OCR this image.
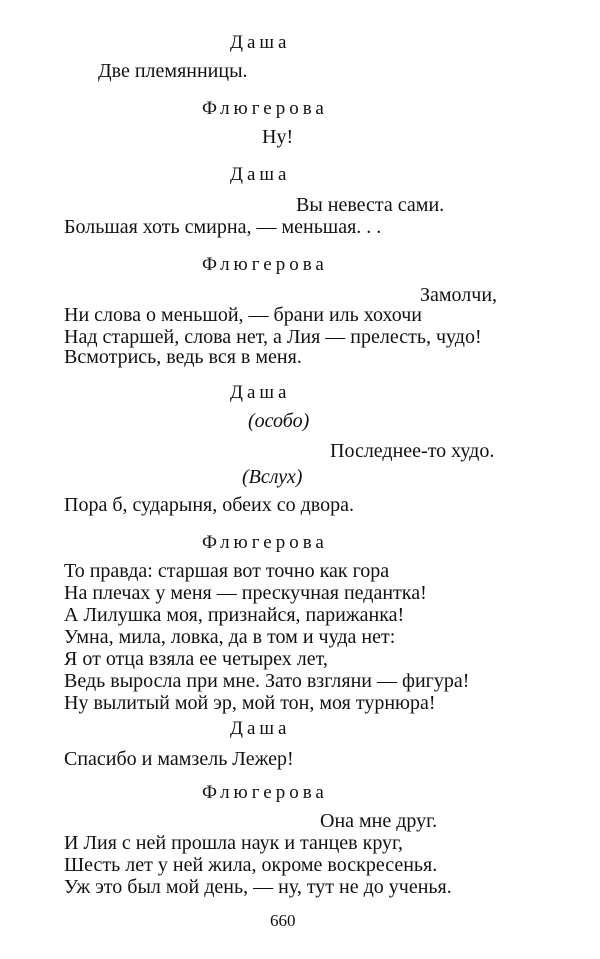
Даша
Две племянницы.
Флюгерова
Ну!
Даша
Вы невеста сами.
Большая хоть смирна, — меньшая. . .
Флюгерова
Замолчи,
Ни слова о меньшой, — брани иль хохочи
Над старшей, слова нет, а Лия — прелесть, чудо!
Всмотрись, ведь вся в меня.
Даша
(особо)
Последнее-то худо.
(Вслух)
Пора б, сударыня, обеих со двора.
Флюгерова
То правда: старшая вот точно как гора
На плечах у меня — прескучная педантка!
А Лилушка моя, признайся, парижанка!
Умна, мила, ловка, да в том и чуда нет:
Я от отца взяла ее четырех лет,
Ведь выросла при мне. Зато взгляни — фигура!
Ну вылитый мой эр, мой тон, моя турнюра!
Даша
Спасибо и мамзель Лежер!
Флюгерова
Она мне друг.
И Лия с ней прошла наук и танцев круг,
Шесть лет у ней жила, окроме воскресенья.
Уж это был мой день, — ну, тут не до ученья.
660
